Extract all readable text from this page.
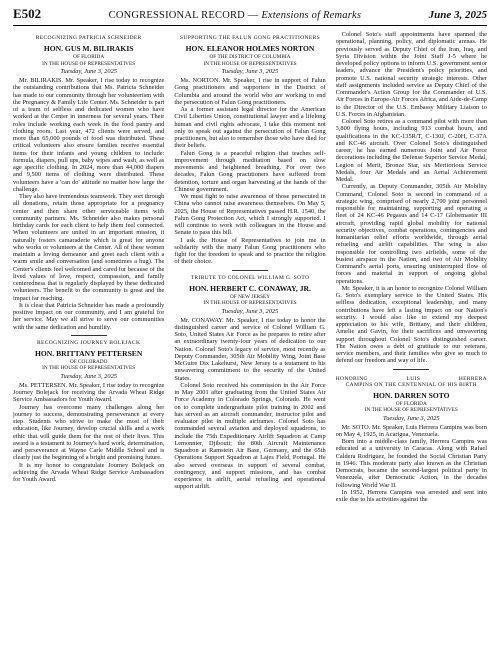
E502	CONGRESSIONAL RECORD — Extensions of Remarks	June 3, 2025
RECOGNIZING PATRICIA SCHNEIDER
HON. GUS M. BILIRAKIS
OF FLORIDA
IN THE HOUSE OF REPRESENTATIVES
Tuesday, June 3, 2025

Mr. BILIRAKIS. Mr. Speaker, I rise today to recognize the outstanding contributions that Ms. Patricia Schneider has made to our community through her volunteerism with the Pregnancy & Family Life Center. Ms. Schneider is part of a team of selfless and dedicated women who have worked at the Center in innerness for several years. Their roles include working each week in the food pantry and clothing room. Last year, 472 clients were served, and more than 65,000 pounds of food was distributed. These critical volunteers also ensure families receive essential items for their infants and young children to include: formula, diapers, pull ups, baby wipes and wash, as well as age specific clothing. In 2024, more than 44,000 diapers and 9,500 items of clothing were distributed. These volunteers have a 'can do' attitude no matter how large the challenge.

They also have tremendous teamwork. They sort through all donations, retain those appropriate for a pregnancy center and then share other serviceable items with community partners. Ms. Schneider also makes personal birthday cards for each client to help them feel connected. When volunteers are united in an important mission, it naturally fosters camaraderie which is great for anyone who works or volunteers at the Center. All of these women maintain a loving demeanor and greet each client with a warm smile and conversation (and sometimes a hug). The Center's clients feel welcomed and cared for because of the lived values of love, respect, compassion, and family centeredness that is regularly displayed by these dedicated volunteers. The benefit to the community is great and the impact far reaching.

It is clear that Patricia Schneider has made a profoundly positive impact on our community, and I am grateful for her service. May we all strive to serve our communities with the same dedication and humility.

RECOGNIZING JOURNEY BOLEJACK
HON. BRITTANY PETTERSEN
OF COLORADO
IN THE HOUSE OF REPRESENTATIVES
Tuesday, June 3, 2025

Ms. PETTERSEN. Mr. Speaker, I rise today to recognize Journey Bolejack for receiving the Arvada Wheat Ridge Service Ambassadors for Youth Award.

Journey has overcome many challenges along her journey to success, demonstrating perseverance at every step. Students who strive to make the most of their education, like Journey, develop crucial skills and a work ethic that will guide them for the rest of their lives. This award is a testament to Journey's hard work, determination, and perseverance at Wayne Carle Middle School and is clearly just the beginning of a bright and promising future.

It is my honor to congratulate Journey Bolejack on achieving the Arvada Wheat Ridge Service Ambassadors for Youth Award.

SUPPORTING THE FALUN GONG PRACTITIONERS
HON. ELEANOR HOLMES NORTON
OF THE DISTRICT OF COLUMBIA
IN THE HOUSE OF REPRESENTATIVES
Tuesday, June 3, 2025

Ms. NORTON. Mr. Speaker, I rise in support of Falun Gong practitioners and supporters in the District of Columbia and around the world who are working to end the persecution of Falun Gong practitioners.

As a former assistant legal director for the American Civil Liberties Union, constitutional lawyer and a lifelong human and civil rights advocate, I take this moment not only to speak out against the persecution of Falun Gong practitioners, but also to remember those who have died for their beliefs.

Falun Gong is a peaceful religion that teaches self-improvement through meditation based on slow movements and heightened breathing. For over two decades, Falun Gong practitioners have suffered from detention, torture and organ harvesting at the hands of the Chinese government.

We must fight to raise awareness of those persecuted in China who cannot raise awareness themselves. On May 5, 2025, the House of Representatives passed H.R. 1540, the Falun Gong Protection Act, which I strongly supported. I will continue to work with colleagues in the House and Senate to pass this bill.

I ask the House of Representatives to join me in solidarity with the many Falun Gong practitioners who fight for the freedom to speak and to practice the religion of their choice.

TRIBUTE TO COLONEL WILLIAM G. SOTO
HON. HERBERT C. CONAWAY, JR.
OF NEW JERSEY
IN THE HOUSE OF REPRESENTATIVES
Tuesday, June 3, 2025

Mr. CONAWAY. Mr. Speaker, I rise today to honor the distinguished career and service of Colonel William G. Soto, United States Air Force as he prepares to retire after an extraordinary twenty-four years of dedication to our Nation. Colonel Soto's legacy of service, most recently as Deputy Commander, 305th Air Mobility Wing, Joint Base McGuire Dix Lakehurst, New Jersey is a testament to his unwavering commitment to the security of the United States.

Colonel Soto received his commission in the Air Force in May 2001 after graduating from the United States Air Force Academy in Colorado Springs, Colorado. He went on to complete undergraduate pilot training in 2002 and has served as an aircraft commander, instructor pilot and evaluator pilot in multiple airframes. Colonel Soto has commanded several aviation and deployed squadrons, to include the 75th Expeditionary Airlift Squadron at Camp Lemonnier, Djibouti; the 80th Aircraft Maintenance Squadron at Ramstein Air Base, Germany, and the 65th Operations Support Squadron at Lajes Field, Portugal. He also served overseas in support of several combat, contingency, and support missions, and has combat experience in airlift, aerial refueling and operational support airlift.

Colonel Soto's staff appointments have spanned the operational, planning, policy, and diplomatic arenas. He previously served as Deputy Chief of the Iran, Iraq, and Syria Division within the Joint Staff J-5 where he developed policy options to inform U.S. government senior leaders, advance the President's policy priorities, and promote U.S. national security strategic interests. Other staff assignments included service as Deputy Chief of the Commander's Action Group for the Commander of U.S. Air Forces in Europe-Air Forces Africa, and Aide-de-Camp to the Director of the U.S. Embassy Military Liaison to U.S. Forces in Afghanistan.

Colonel Soto retires as a command pilot with more than 3,800 flying hours, including 913 combat hours, and qualifications in the KC-135R/T, C-130J, C-20H, C-37A and KC-46 aircraft. Over Colonel Soto's distinguished career, he has earned numerous Joint and Air Force decorations including the Defense Superior Service Medal, Legion of Merit, Bronze Star, six Meritorious Service Medals, four Air Medals and an Aerial Achievement Medal.

Currently, as Deputy Commander, 305th Air Mobility Command, Colonel Soto is second in command of a strategic wing, comprised of nearly 2,700 joint personnel responsible for maintaining, supporting and operating a fleet of 24 KC-46 Pegasus and 14 C-17 Globemaster III aircraft, providing rapid global mobility for national security objectives, combat operations, contingencies and humanitarian relief efforts worldwide, through aerial refueling and airlift capabilities. The wing is also responsible for controlling two airfields, some of the busiest airspace in the Nation, and two of Air Mobility Command's aerial ports, ensuring uninterrupted flow of forces and material in support of ongoing global operations.

Mr. Speaker, it is an honor to recognize Colonel William G. Soto's exemplary service to the United States. His selfless dedication, exceptional leadership, and many contributions have left a lasting impact on our Nation's security. I would also like to extend my deepest appreciation to his wife, Brittany, and their children, Amelie and Gavin, for their sacrifices and unwavering support throughout Colonel Soto's distinguished career. The Nation owes a debt of gratitude to our veterans, service members, and their families who give so much to defend our freedom and way of life.

HONORING	LUIS	HERRERA
CAMPINS ON THE CENTENNIAL OF HIS BIRTH
HON. DARREN SOTO
OF FLORIDA
IN THE HOUSE OF REPRESENTATIVES
Tuesday, June 3, 2025

Mr. SOTO. Mr. Speaker, Luis Herrera Campins was born on May 4, 1925, in Acarigua, Venezuela.

Born into a middle-class family, Herrera Campins was educated at a university in Caracas. Along with Rafael Caldera Rodriguez, he founded the Social Christian Party in 1946. This moderate party also known as the Christian Democrats, became the second-largest political party in Venezuela, after Democratic Action, in the decades following World War II.

In 1952, Herrera Campins was arrested and sent into exile due to his activities against the
